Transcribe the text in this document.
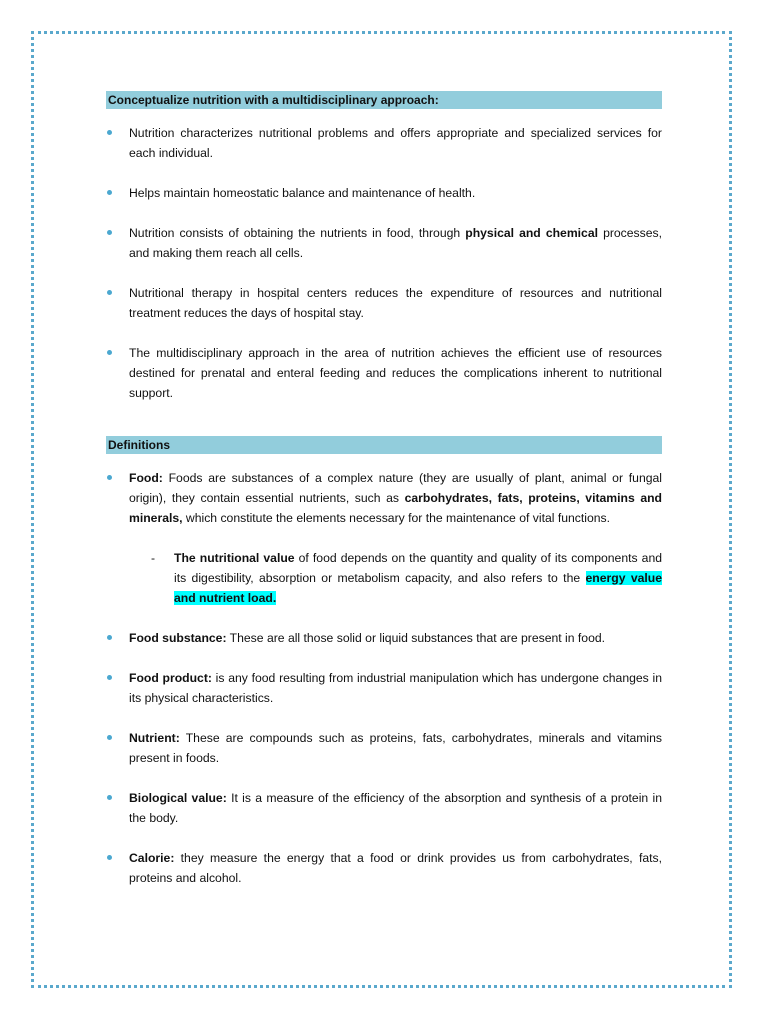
Conceptualize nutrition with a multidisciplinary approach:
Nutrition characterizes nutritional problems and offers appropriate and specialized services for each individual.
Helps maintain homeostatic balance and maintenance of health.
Nutrition consists of obtaining the nutrients in food, through physical and chemical processes, and making them reach all cells.
Nutritional therapy in hospital centers reduces the expenditure of resources and nutritional treatment reduces the days of hospital stay.
The multidisciplinary approach in the area of nutrition achieves the efficient use of resources destined for prenatal and enteral feeding and reduces the complications inherent to nutritional support.
Definitions
Food: Foods are substances of a complex nature (they are usually of plant, animal or fungal origin), they contain essential nutrients, such as carbohydrates, fats, proteins, vitamins and minerals, which constitute the elements necessary for the maintenance of vital functions.
- The nutritional value of food depends on the quantity and quality of its components and its digestibility, absorption or metabolism capacity, and also refers to the energy value and nutrient load.
Food substance: These are all those solid or liquid substances that are present in food.
Food product: is any food resulting from industrial manipulation which has undergone changes in its physical characteristics.
Nutrient: These are compounds such as proteins, fats, carbohydrates, minerals and vitamins present in foods.
Biological value: It is a measure of the efficiency of the absorption and synthesis of a protein in the body.
Calorie: they measure the energy that a food or drink provides us from carbohydrates, fats, proteins and alcohol.
